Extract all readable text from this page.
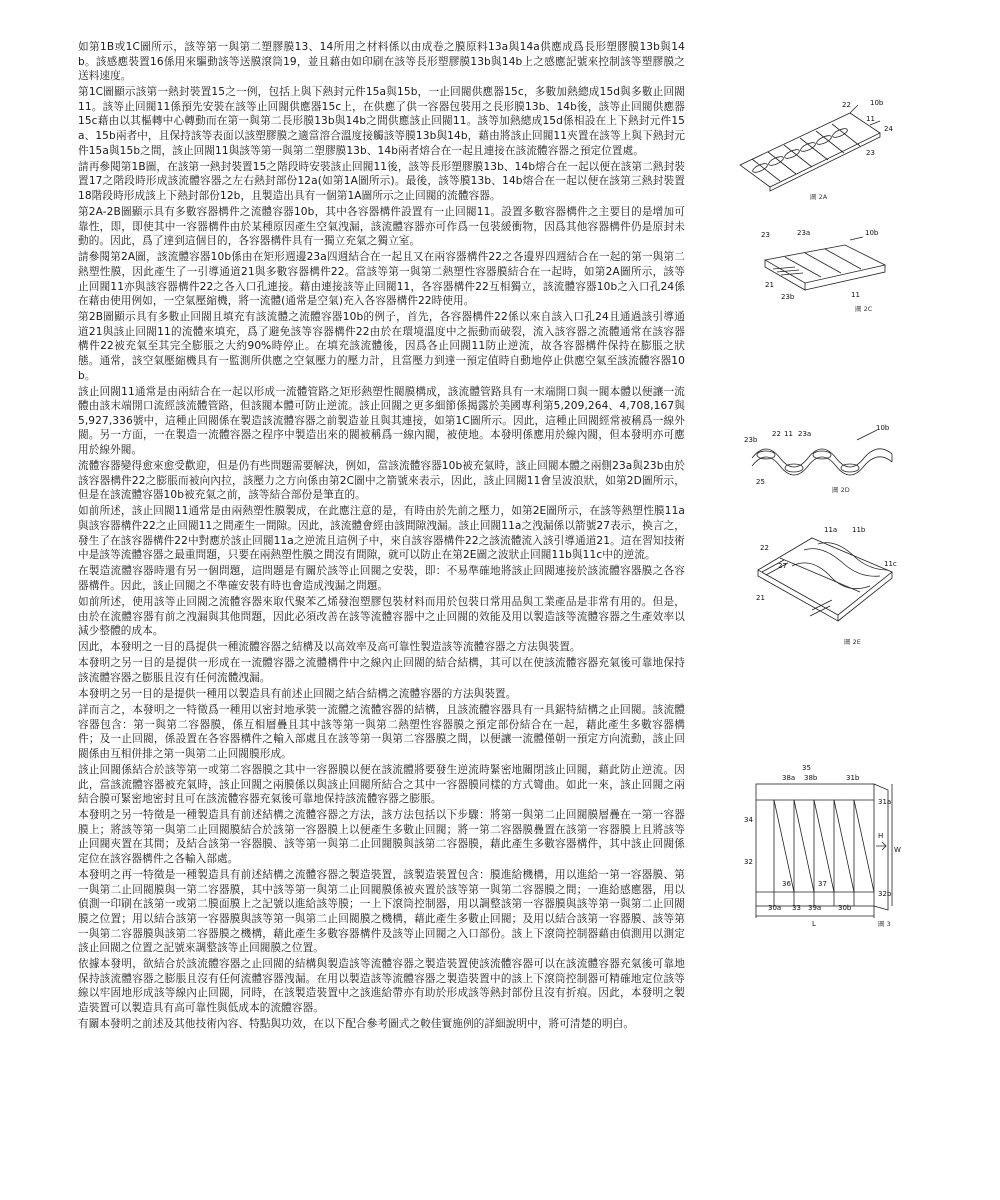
如第1B或1C圖所示，該等第一與第二塑膠膜13、14所用之材料係以由成卷之膜原料13a與14a供應成爲長形塑膠膜13b與14b。該感應裝置16係用來驅動該等送膜滾筒19，並且藉由如印刷在該等長形塑膠膜13b與14b上之感應記號來控制該等塑膠膜之送料速度。

第1C圖顯示該第一熱封裝置15之一例，包括上與下熱封元件15a與15b，一止回閥供應器15c，多數加熱總成15d與多數止回閥11。該等止回閥11係預先安裝在該等止回閥供應器15c上，在供應了供一容器包裝用之長形膜13b、14b後，該等止回閥供應器15c藉由以其樞轉中心轉動而在第一與第二長形膜13b與14b之間供應該止回閥11。該等加熱總成15d係相設在上下熱封元件15a、15b兩者中，且保持該等表面以該塑膠膜之適當溶合溫度接觸該等膜13b與14b，藉由將該止回閥11夾置在該等上與下熱封元件15a與15b之間，該止回閥11與該等第一與第二塑膠膜13b、14b兩者熔合在一起且連接在該流體容器之預定位置處。

請再參閱第1B圖，在該第一熱封裝置15之階段時安裝該止回閥11後，該等長形塑膠膜13b、14b熔合在一起以便在該第二熱封裝置17之階段時形成該流體容器之左右熱封部份12a(如第1A圖所示)。最後，該等膜13b、14b熔合在一起以便在該第三熱封裝置18階段時形成該上下熱封部份12b，且製造出具有一個第1A圖所示之止回閥的流體容器。

第2A-2B圖顯示具有多數容器構件之流體容器10b，其中各容器構件設置有一止回閥11。設置多數容器構件之主要目的是增加可靠性，即，即使其中一容器構件由於某種原因產生空氣洩漏，該流體容器亦可作爲一包裝緩衝物，因爲其他容器構件仍是原封未動的。因此，爲了達到這個目的，各容器構件具有一獨立充氣之獨立室。

請參閱第2A圖，該流體容器10b係由在矩形週邊23a四週結合在一起且又在兩容器構件22之各邊界四週結合在一起的第一與第二熱塑性膜，因此產生了一引導通道21與多數容器構件22。當該等第一與第二熱塑性容器膜結合在一起時，如第2A圖所示，該等止回閥11亦與該容器構件22之各入口孔連接。藉由連接該等止回閥11，各容器構件22互相獨立，該流體容器10b之入口孔24係在藉由使用例如，一空氣壓縮機，將一流體(通常是空氣)充入各容器構件22時使用。

第2B圖顯示具有多數止回閥且填充有該流體之流體容器10b的例子，首先，各容器構件22係以來自該入口孔24且通過該引導通道21與該止回閥11的流體來填充，爲了避免該等容器構件22由於在環境溫度中之振動而破裂，流入該容器之流體通常在該容器構件22被充氣至其完全膨脹之大約90%時停止。在填充該流體後，因爲各止回閥11防止逆流，故各容器構件保持在膨脹之狀態。通常，該空氣壓縮機具有一監測所供應之空氣壓力的壓力計，且當壓力到達一預定值時自動地停止供應空氣至該流體容器10b。

該止回閥11通常是由兩結合在一起以形成一流體管路之矩形熱塑性閥膜構成，該流體管路具有一末端開口與一閥本體以便讓一流體由該末端開口流經該流體管路，但該閥本體可防止逆流。該止回閥之更多細節係揭露於美國專利第5,209,264、4,708,167與5,927,336號中，這種止回閥係在製造該流體容器之前製造並且與其連接，如第1C圖所示。因此，這種止回閥經常被稱爲一線外閥。另一方面，一在製造一流體容器之程序中製造出來的閥被稱爲一線內閥，被使地。本發明係應用於線內閥，但本發明亦可應用於線外閥。

流體容器變得愈來愈受歡迎，但是仍有些問題需要解決，例如，當該流體容器10b被充氣時，該止回閥本體之兩側23a與23b由於該容器構件22之膨脹而被向內拉，該壓力之方向係由第2C圖中之箭號來表示，因此，該止回閥11會呈波浪狀，如第2D圖所示，但是在該流體容器10b被充氣之前，該等結合部份是筆直的。

如前所述，該止回閥11通常是由兩熱塑性膜製成，在此應注意的是，有時由於先前之壓力，如第2E圖所示，在該等熱塑性膜11a與該容器構件22之止回閥11之間產生一間隙。因此，該流體會經由該間隙洩漏。該止回閥11a之洩漏係以箭號27表示，換言之，發生了在該容器構件22中對應於該止回閥11a之逆流且這例子中，來自該容器構件22之該流體流入該引導通道21。這在習知技術中是該等流體容器之最重問題，只要在兩熱塑性膜之間沒有間隙，就可以防止在第2E圖之波狀止回閥11b與11c中的逆流。

在製造流體容器時還有另一個問題，這問題是有關於該等止回閥之安裝，即：不易準確地將該止回閥連接於該流體容器膜之各容器構件。因此，該止回閥之不準確安裝有時也會造成洩漏之問題。

如前所述，使用該等止回閥之流體容器來取代聚苯乙烯發泡塑膠包裝材料而用於包裝日常用品與工業產品是非常有用的。但是，由於在流體容器有前之洩漏與其他問題，因此必須改善在該等流體容器中之止回閥的效能及用以製造該等流體容器之生產效率以減少整體的成本。

因此，本發明之一目的爲提供一種流體容器之結構及以高效率及高可靠性製造該等流體容器之方法與裝置。

本發明之另一目的是提供一形成在一流體容器之流體構件中之線內止回閥的結合結構，其可以在使該流體容器充氣後可靠地保持該流體容器之膨脹且沒有任何流體洩漏。

本發明之另一目的是提供一種用以製造具有前述止回閥之結合結構之流體容器的方法與裝置。

詳而言之，本發明之一特徵爲一種用以密封地承裝一流體之流體容器的結構，且該流體容器具有一具鋸特結構之止回閥。該流體容器包含：第一與第二容器膜，係互相層疊且其中該等第一與第二熱塑性容器膜之預定部份結合在一起，藉此產生多數容器構件；及一止回閥，係設置在各容器構件之輸入部處且在該等第一與第二容器膜之間，以便讓一流體僅朝一預定方向流動，該止回閥係由互相併排之第一與第二止回閥膜形成。

該止回閥係結合於該等第一或第二容器膜之其中一容器膜以便在該流體將要發生逆流時緊密地關閉該止回閥，藉此防止逆流。因此，當該流體容器被充氣時，該止回閥之兩膜係以與該止回閥所結合之其中一容器膜同樣的方式彎曲。如此一來，該止回閥之兩結合膜可緊密地密封且可在該流體容器充氣後可靠地保持該流體容器之膨脹。

本發明之另一特徵是一種製造具有前述結構之流體容器之方法，該方法包括以下步驟：將第一與第二止回閥膜層疊在一第一容器膜上；將該等第一與第二止回閥膜結合於該第一容器膜上以便產生多數止回閥；將一第二容器膜疊置在該第一容器膜上且將該等止回閥夾置在其間；及結合該第一容器膜、該等第一與第二止回閥膜與該第二容器膜，藉此產生多數容器構件，其中該止回閥係定位在該容器構件之各輸入部處。

本發明之再一特徵是一種製造具有前述結構之流體容器之製造裝置，該製造裝置包含：膜進給機構，用以進給一第一容器膜、第一與第二止回閥膜與一第二容器膜，其中該等第一與第二止回閥膜係被夾置於該等第一與第二容器膜之間；一進給感應器，用以偵測一印刷在該第一或第二膜面膜上之記號以進給該等膜；一上下滾筒控制器，用以調整該第一容器膜與該等第一與第二止回閥膜之位置；用以結合該第一容器膜與該等第一與第二止回閥膜之機構，藉此產生多數止回閥；及用以結合該第一容器膜、該等第一與第二容器膜與該第二容器膜之機構，藉此產生多數容器構件及該等止回閥之入口部份。該上下滾筒控制器藉由偵測用以測定該止回閥之位置之記號來調整該等止回閥膜之位置。

依據本發明，欲結合於該流體容器之止回閥的結構與製造該等流體容器之製造裝置使該流體容器可以在該流體容器充氣後可靠地保持該流體容器之膨脹且沒有任何流體容器洩漏。在用以製造該等流體容器之製造裝置中的該上下滾筒控制器可精確地定位該等線以牢固地形成該等線內止回閥，同時，在該製造裝置中之該進給帶亦有助於形成該等熱封部份且沒有折痕。因此，本發明之製造裝置可以製造具有高可靠性與低成本的流體容器。

有關本發明之前述及其他技術內容、特點與功效，在以下配合參考圖式之較佳實施例的詳細說明中，將可清楚的明白。

22	10b
11
24
23
圖 2A
23	23a	10b
21
23b	11
圖 2C
23b
22 11 23a
10b
25
圖 2D
11a 11b
22
27
21
11c
圖 2E
35
38a 38b	31b
31a
34
H
W
32
36	37
32b
30a 33 39a 30b
L	圖 3
